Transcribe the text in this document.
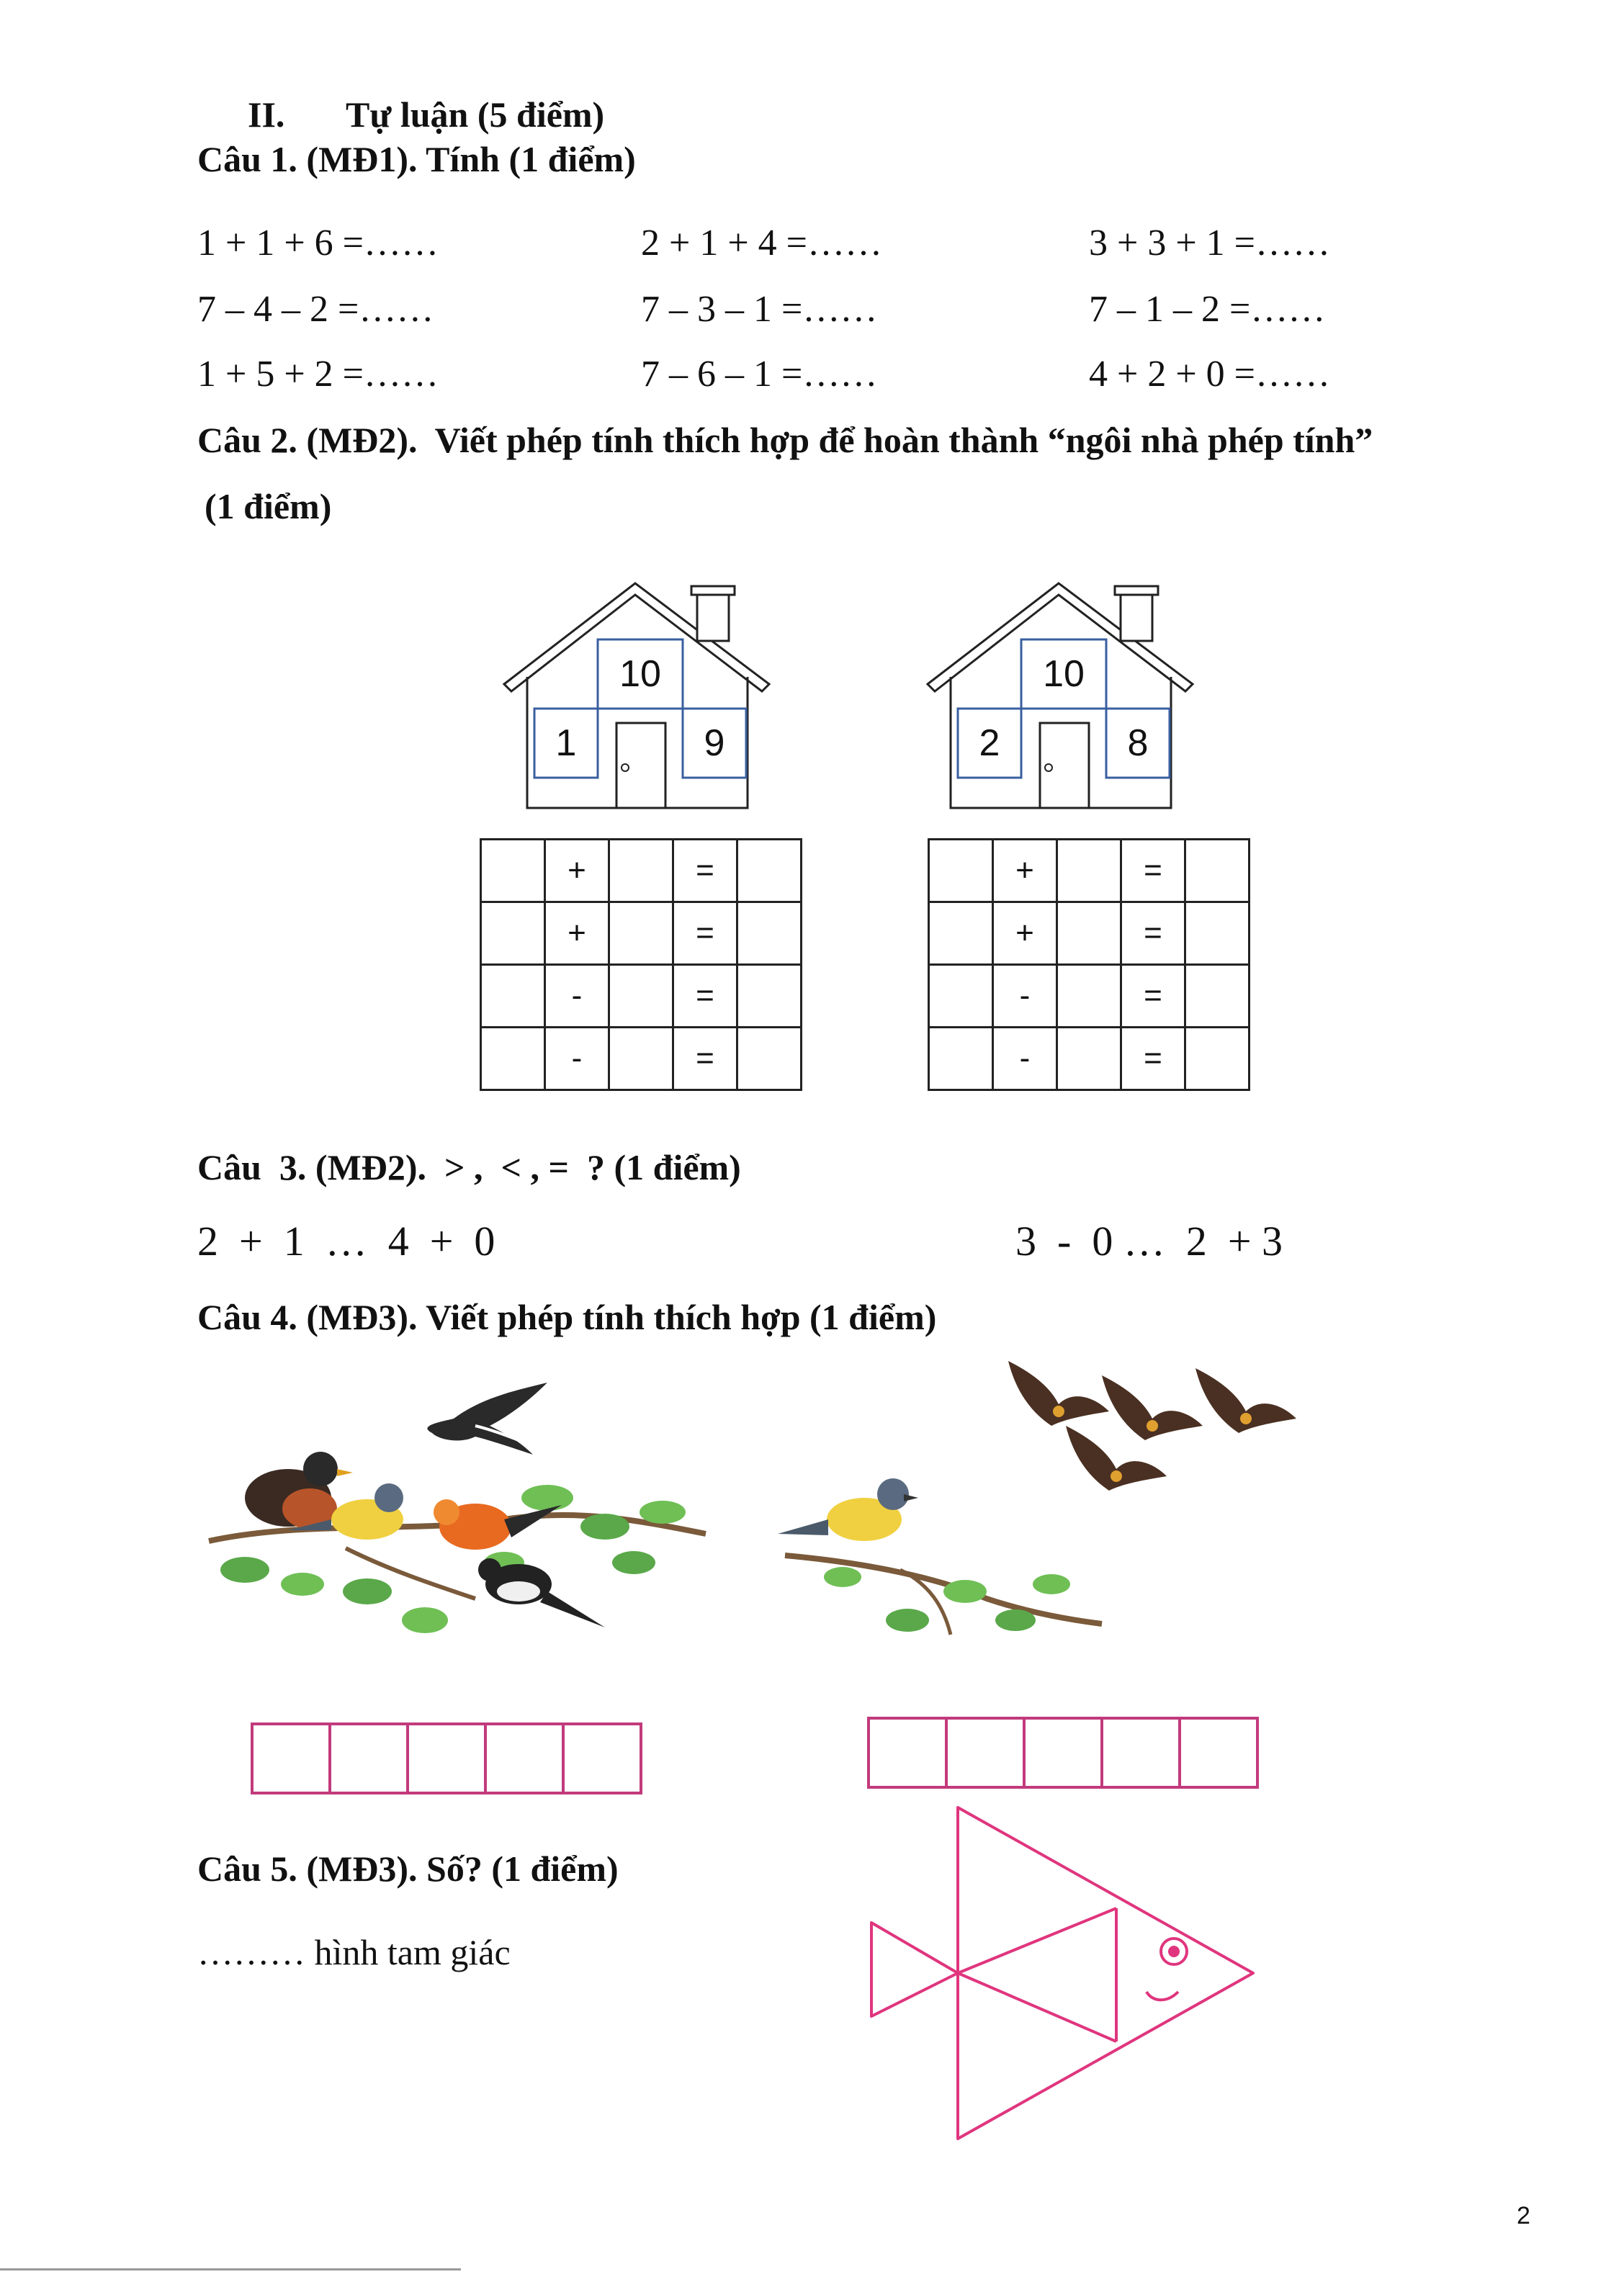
II. Tự luận (5 điểm)
Câu 1. (MĐ1). Tính (1 điểm)
1 + 1 + 6 =……	2 + 1 + 4 =……	3 + 3 + 1 =……
7 – 4 – 2 =……	7 – 3 – 1 =……	7 – 1 – 2 =……
1 + 5 + 2 =……	7 – 6 – 1 =……	4 + 2 + 0 =……
Câu 2. (MĐ2).  Viết phép tính thích hợp để hoàn thành “ngôi nhà phép tính”
(1 điểm)
10
1	9
10
2	8
	+		=	
	+		=	
	-		=	
	-		=	
	+		=	
	+		=	
	-		=	
	-		=	
Câu  3. (MĐ2).  > ,  < , =  ? (1 điểm)
2  +  1  …  4  +  0	3  -  0 …  2  + 3
Câu 4. (MĐ3). Viết phép tính thích hợp (1 điểm)
Câu 5. (MĐ3). Số? (1 điểm)
……… hình tam giác
2
